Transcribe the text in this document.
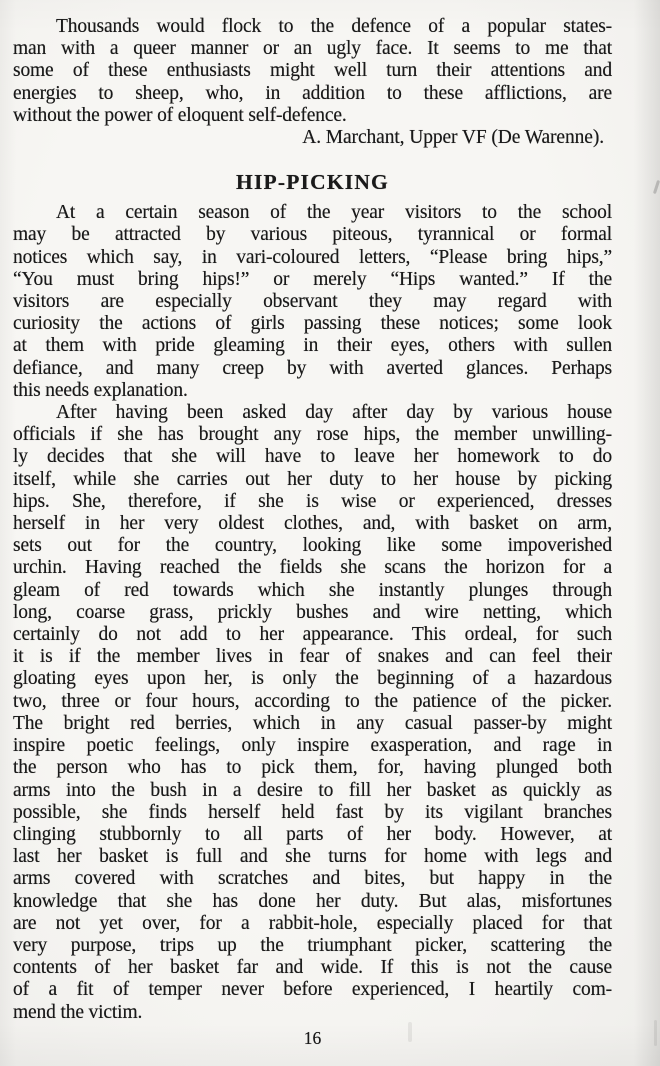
Thousands would flock to the defence of a popular states-
man with a queer manner or an ugly face. It seems to me that
some of these enthusiasts might well turn their attentions and
energies to sheep, who, in addition to these afflictions, are
without the power of eloquent self-defence.
A. Marchant, Upper VF (De Warenne).
HIP-PICKING
At a certain season of the year visitors to the school
may be attracted by various piteous, tyrannical or formal
notices which say, in vari-coloured letters, “Please bring hips,”
“You must bring hips!” or merely “Hips wanted.” If the
visitors are especially observant they may regard with
curiosity the actions of girls passing these notices; some look
at them with pride gleaming in their eyes, others with sullen
defiance, and many creep by with averted glances. Perhaps
this needs explanation.
After having been asked day after day by various house
officials if she has brought any rose hips, the member unwilling-
ly decides that she will have to leave her homework to do
itself, while she carries out her duty to her house by picking
hips. She, therefore, if she is wise or experienced, dresses
herself in her very oldest clothes, and, with basket on arm,
sets out for the country, looking like some impoverished
urchin. Having reached the fields she scans the horizon for a
gleam of red towards which she instantly plunges through
long, coarse grass, prickly bushes and wire netting, which
certainly do not add to her appearance. This ordeal, for such
it is if the member lives in fear of snakes and can feel their
gloating eyes upon her, is only the beginning of a hazardous
two, three or four hours, according to the patience of the picker.
The bright red berries, which in any casual passer-by might
inspire poetic feelings, only inspire exasperation, and rage in
the person who has to pick them, for, having plunged both
arms into the bush in a desire to fill her basket as quickly as
possible, she finds herself held fast by its vigilant branches
clinging stubbornly to all parts of her body. However, at
last her basket is full and she turns for home with legs and
arms covered with scratches and bites, but happy in the
knowledge that she has done her duty. But alas, misfortunes
are not yet over, for a rabbit-hole, especially placed for that
very purpose, trips up the triumphant picker, scattering the
contents of her basket far and wide. If this is not the cause
of a fit of temper never before experienced, I heartily com-
mend the victim.
16
